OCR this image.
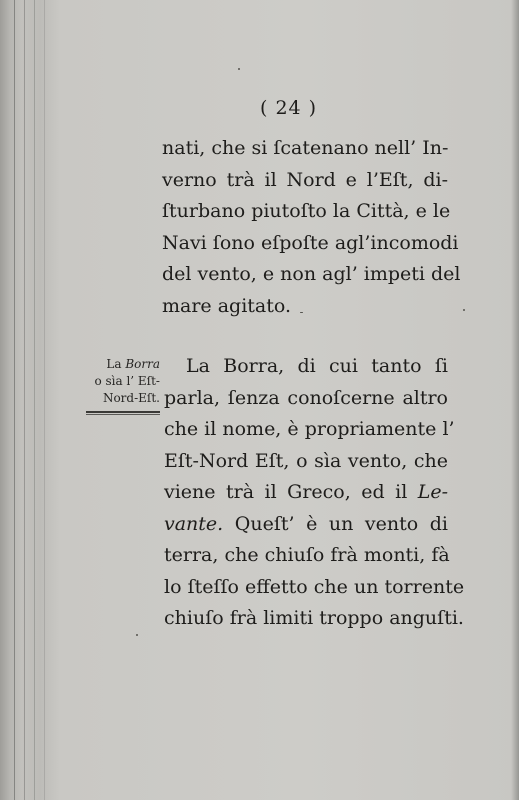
( 24 )
nati, che si ſcatenano nell’ In-
verno trà il Nord e l’Eſt, di-
ſturbano piutoſto la Città, e le
Navi ſono eſpoſte agl’incomodi
del vento, e non agl’ impeti del
mare agitato.
La Borra
o sìa l’ Eſt-
Nord-Eſt.
La Borra, di cui tanto ſi
parla, ſenza conoſcerne altro
che il nome, è propriamente l’
Eſt-Nord Eſt, o sìa vento, che
viene trà il Greco, ed il Le-
vante. Queſt’ è un vento di
terra, che chiuſo frà monti, fà
lo ſteſſo effetto che un torrente
chiuſo frà limiti troppo anguſti.
